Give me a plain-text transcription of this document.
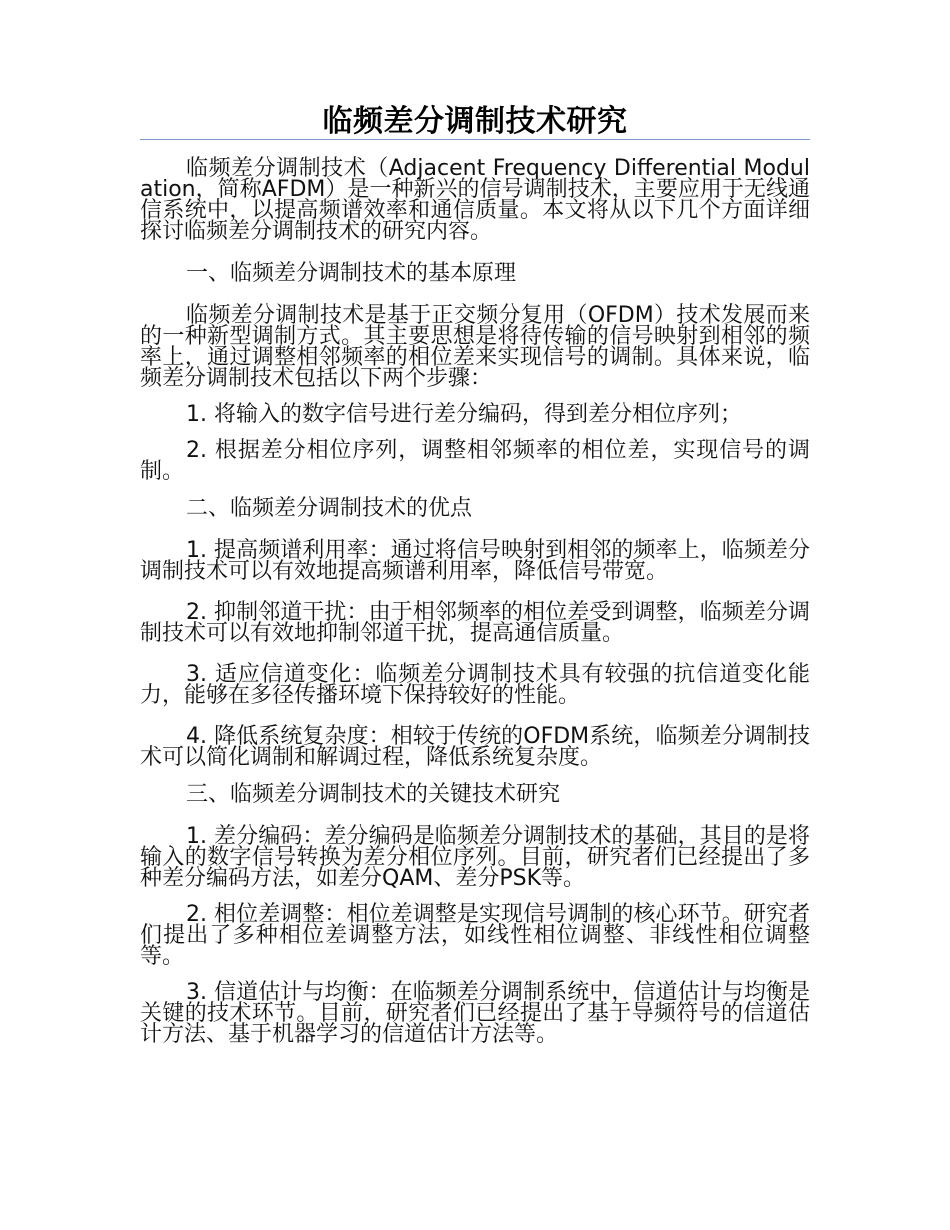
临频差分调制技术研究

临频差分调制技术（Adjacent Frequency Differential Modulation，简称AFDM）是一种新兴的信号调制技术，主要应用于无线通信系统中，以提高频谱效率和通信质量。本文将从以下几个方面详细探讨临频差分调制技术的研究内容。

一、临频差分调制技术的基本原理

临频差分调制技术是基于正交频分复用（OFDM）技术发展而来的一种新型调制方式。其主要思想是将待传输的信号映射到相邻的频率上，通过调整相邻频率的相位差来实现信号的调制。具体来说，临频差分调制技术包括以下两个步骤：

1. 将输入的数字信号进行差分编码，得到差分相位序列；

2. 根据差分相位序列，调整相邻频率的相位差，实现信号的调制。

二、临频差分调制技术的优点

1. 提高频谱利用率：通过将信号映射到相邻的频率上，临频差分调制技术可以有效地提高频谱利用率，降低信号带宽。

2. 抑制邻道干扰：由于相邻频率的相位差受到调整，临频差分调制技术可以有效地抑制邻道干扰，提高通信质量。

3. 适应信道变化：临频差分调制技术具有较强的抗信道变化能力，能够在多径传播环境下保持较好的性能。

4. 降低系统复杂度：相较于传统的OFDM系统，临频差分调制技术可以简化调制和解调过程，降低系统复杂度。

三、临频差分调制技术的关键技术研究

1. 差分编码：差分编码是临频差分调制技术的基础，其目的是将输入的数字信号转换为差分相位序列。目前，研究者们已经提出了多种差分编码方法，如差分QAM、差分PSK等。

2. 相位差调整：相位差调整是实现信号调制的核心环节。研究者们提出了多种相位差调整方法，如线性相位调整、非线性相位调整等。

3. 信道估计与均衡：在临频差分调制系统中，信道估计与均衡是关键的技术环节。目前，研究者们已经提出了基于导频符号的信道估计方法、基于机器学习的信道估计方法等。
